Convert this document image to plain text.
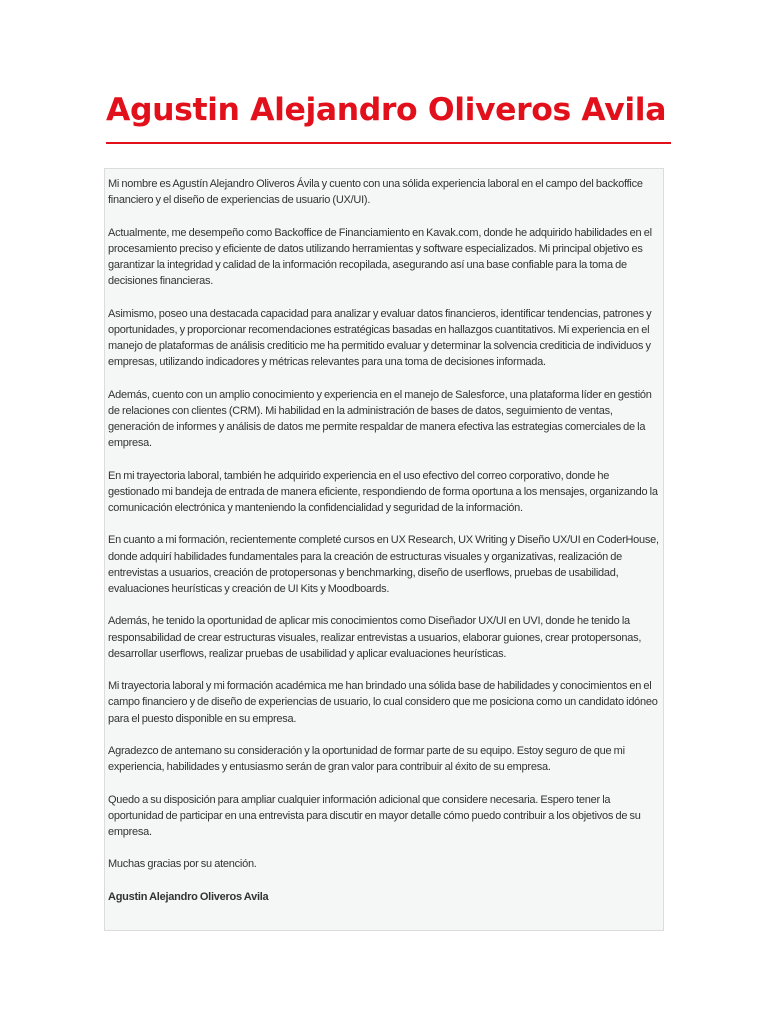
Agustin Alejandro Oliveros Avila

Mi nombre es Agustín Alejandro Oliveros Ávila y cuento con una sólida experiencia laboral en el campo del backoffice financiero y el diseño de experiencias de usuario (UX/UI).

Actualmente, me desempeño como Backoffice de Financiamiento en Kavak.com, donde he adquirido habilidades en el procesamiento preciso y eficiente de datos utilizando herramientas y software especializados. Mi principal objetivo es garantizar la integridad y calidad de la información recopilada, asegurando así una base confiable para la toma de decisiones financieras.

Asimismo, poseo una destacada capacidad para analizar y evaluar datos financieros, identificar tendencias, patrones y oportunidades, y proporcionar recomendaciones estratégicas basadas en hallazgos cuantitativos. Mi experiencia en el manejo de plataformas de análisis crediticio me ha permitido evaluar y determinar la solvencia crediticia de individuos y empresas, utilizando indicadores y métricas relevantes para una toma de decisiones informada.

Además, cuento con un amplio conocimiento y experiencia en el manejo de Salesforce, una plataforma líder en gestión de relaciones con clientes (CRM). Mi habilidad en la administración de bases de datos, seguimiento de ventas, generación de informes y análisis de datos me permite respaldar de manera efectiva las estrategias comerciales de la empresa.

En mi trayectoria laboral, también he adquirido experiencia en el uso efectivo del correo corporativo, donde he gestionado mi bandeja de entrada de manera eficiente, respondiendo de forma oportuna a los mensajes, organizando la comunicación electrónica y manteniendo la confidencialidad y seguridad de la información.

En cuanto a mi formación, recientemente completé cursos en UX Research, UX Writing y Diseño UX/UI en CoderHouse, donde adquirí habilidades fundamentales para la creación de estructuras visuales y organizativas, realización de entrevistas a usuarios, creación de protopersonas y benchmarking, diseño de userflows, pruebas de usabilidad, evaluaciones heurísticas y creación de UI Kits y Moodboards.

Además, he tenido la oportunidad de aplicar mis conocimientos como Diseñador UX/UI en UVI, donde he tenido la responsabilidad de crear estructuras visuales, realizar entrevistas a usuarios, elaborar guiones, crear protopersonas, desarrollar userflows, realizar pruebas de usabilidad y aplicar evaluaciones heurísticas.

Mi trayectoria laboral y mi formación académica me han brindado una sólida base de habilidades y conocimientos en el campo financiero y de diseño de experiencias de usuario, lo cual considero que me posiciona como un candidato idóneo para el puesto disponible en su empresa.

Agradezco de antemano su consideración y la oportunidad de formar parte de su equipo. Estoy seguro de que mi experiencia, habilidades y entusiasmo serán de gran valor para contribuir al éxito de su empresa.

Quedo a su disposición para ampliar cualquier información adicional que considere necesaria. Espero tener la oportunidad de participar en una entrevista para discutir en mayor detalle cómo puedo contribuir a los objetivos de su empresa.

Muchas gracias por su atención.

Agustin Alejandro Oliveros Avila
